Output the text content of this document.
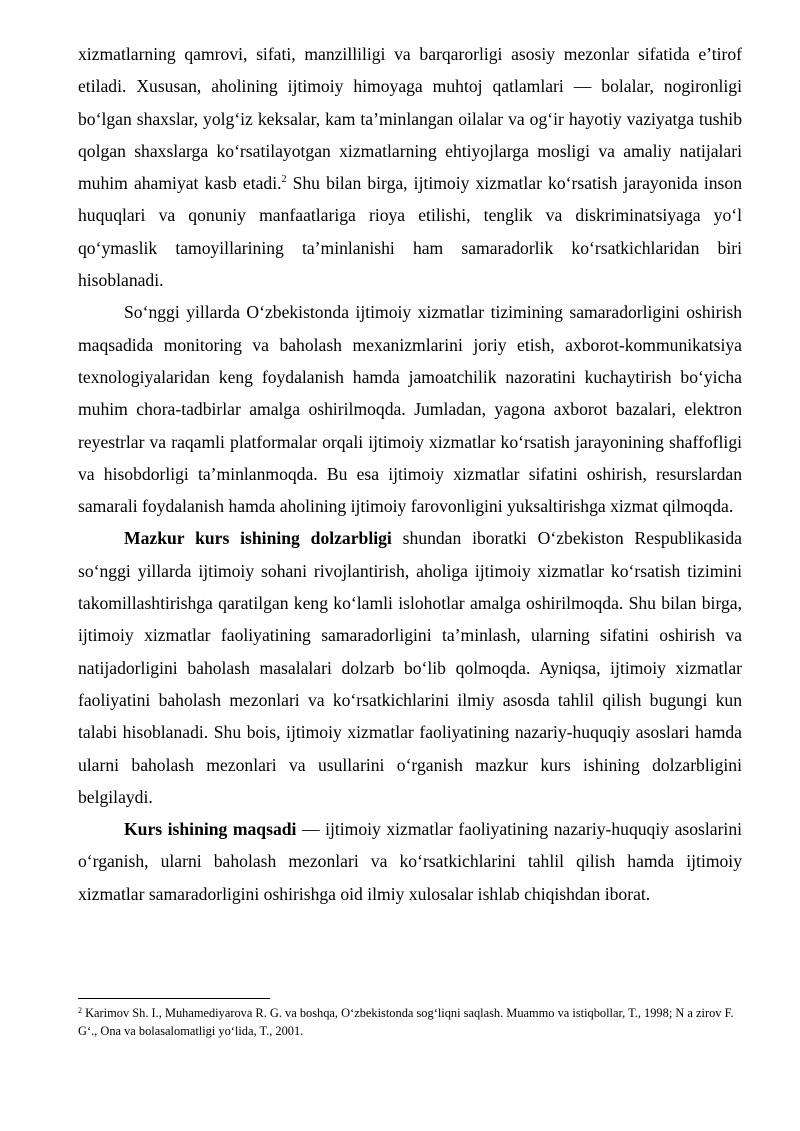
xizmatlarning qamrovi, sifati, manzilliligi va barqarorligi asosiy mezonlar sifatida e’tirof etiladi. Xususan, aholining ijtimoiy himoyaga muhtoj qatlamlari — bolalar, nogironligi bo‘lgan shaxslar, yolg‘iz keksalar, kam ta’minlangan oilalar va og‘ir hayotiy vaziyatga tushib qolgan shaxslarga ko‘rsatilayotgan xizmatlarning ehtiyojlarga mosligi va amaliy natijalari muhim ahamiyat kasb etadi.$^2$ Shu bilan birga, ijtimoiy xizmatlar ko‘rsatish jarayonida inson huquqlari va qonuniy manfaatlariga rioya etilishi, tenglik va diskriminatsiyaga yo‘l qo‘ymaslik tamoyillarining ta’minlanishi ham samaradorlik ko‘rsatkichlaridan biri hisoblanadi.

So‘nggi yillarda O‘zbekistonda ijtimoiy xizmatlar tizimining samaradorligini oshirish maqsadida monitoring va baholash mexanizmlarini joriy etish, axborot-kommunikatsiya texnologiyalaridan keng foydalanish hamda jamoatchilik nazoratini kuchaytirish bo‘yicha muhim chora-tadbirlar amalga oshirilmoqda. Jumladan, yagona axborot bazalari, elektron reyestrlar va raqamli platformalar orqali ijtimoiy xizmatlar ko‘rsatish jarayonining shaffofligi va hisobdorligi ta’minlanmoqda. Bu esa ijtimoiy xizmatlar sifatini oshirish, resurslardan samarali foydalanish hamda aholining ijtimoiy farovonligini yuksaltirishga xizmat qilmoqda.

Mazkur kurs ishining dolzarbligi shundan iboratki O‘zbekiston Respublikasida so‘nggi yillarda ijtimoiy sohani rivojlantirish, aholiga ijtimoiy xizmatlar ko‘rsatish tizimini takomillashtirishga qaratilgan keng ko‘lamli islohotlar amalga oshirilmoqda. Shu bilan birga, ijtimoiy xizmatlar faoliyatining samaradorligini ta’minlash, ularning sifatini oshirish va natijadorligini baholash masalalari dolzarb bo‘lib qolmoqda. Ayniqsa, ijtimoiy xizmatlar faoliyatini baholash mezonlari va ko‘rsatkichlarini ilmiy asosda tahlil qilish bugungi kun talabi hisoblanadi. Shu bois, ijtimoiy xizmatlar faoliyatining nazariy-huquqiy asoslari hamda ularni baholash mezonlari va usullarini o‘rganish mazkur kurs ishining dolzarbligini belgilaydi.

Kurs ishining maqsadi — ijtimoiy xizmatlar faoliyatining nazariy-huquqiy asoslarini o‘rganish, ularni baholash mezonlari va ko‘rsatkichlarini tahlil qilish hamda ijtimoiy xizmatlar samaradorligini oshirishga oid ilmiy xulosalar ishlab chiqishdan iborat.

$^2$ Karimov Sh. I., Muhamediyarova R. G. va boshqa, O‘zbekistonda sog‘liqni saqlash. Muammo va istiqbollar, T., 1998; N a zirov F. G‘., Ona va bolasalomatligi yo‘lida, T., 2001.
